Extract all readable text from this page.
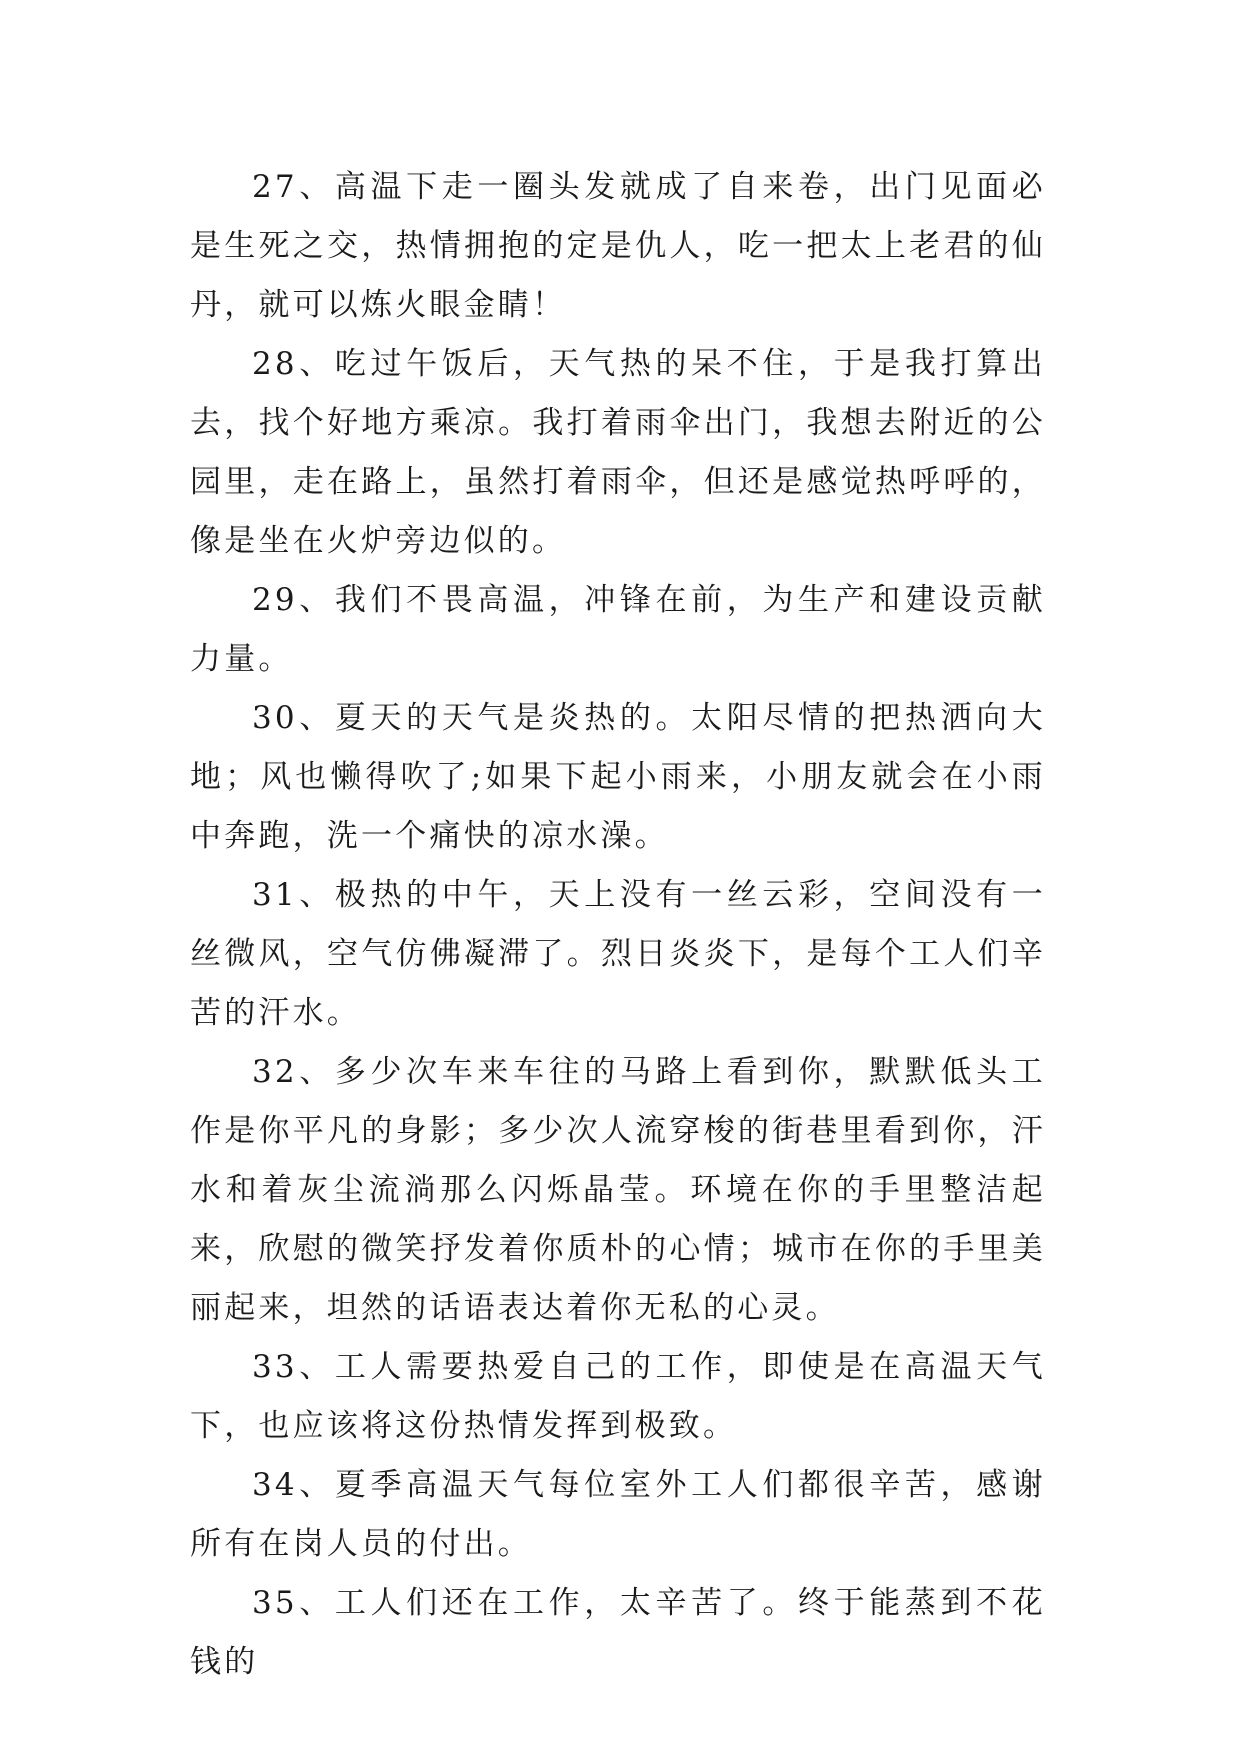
27、高温下走一圈头发就成了自来卷，出门见面必是生死之交，热情拥抱的定是仇人，吃一把太上老君的仙丹，就可以炼火眼金睛！

28、吃过午饭后，天气热的呆不住，于是我打算出去，找个好地方乘凉。我打着雨伞出门，我想去附近的公园里，走在路上，虽然打着雨伞，但还是感觉热呼呼的，像是坐在火炉旁边似的。

29、我们不畏高温，冲锋在前，为生产和建设贡献力量。

30、夏天的天气是炎热的。太阳尽情的把热洒向大地；风也懒得吹了;如果下起小雨来，小朋友就会在小雨中奔跑，洗一个痛快的凉水澡。

31、极热的中午，天上没有一丝云彩，空间没有一丝微风，空气仿佛凝滞了。烈日炎炎下，是每个工人们辛苦的汗水。

32、多少次车来车往的马路上看到你，默默低头工作是你平凡的身影；多少次人流穿梭的街巷里看到你，汗水和着灰尘流淌那么闪烁晶莹。环境在你的手里整洁起来，欣慰的微笑抒发着你质朴的心情；城市在你的手里美丽起来，坦然的话语表达着你无私的心灵。

33、工人需要热爱自己的工作，即使是在高温天气下，也应该将这份热情发挥到极致。

34、夏季高温天气每位室外工人们都很辛苦，感谢所有在岗人员的付出。

35、工人们还在工作，太辛苦了。终于能蒸到不花钱的
